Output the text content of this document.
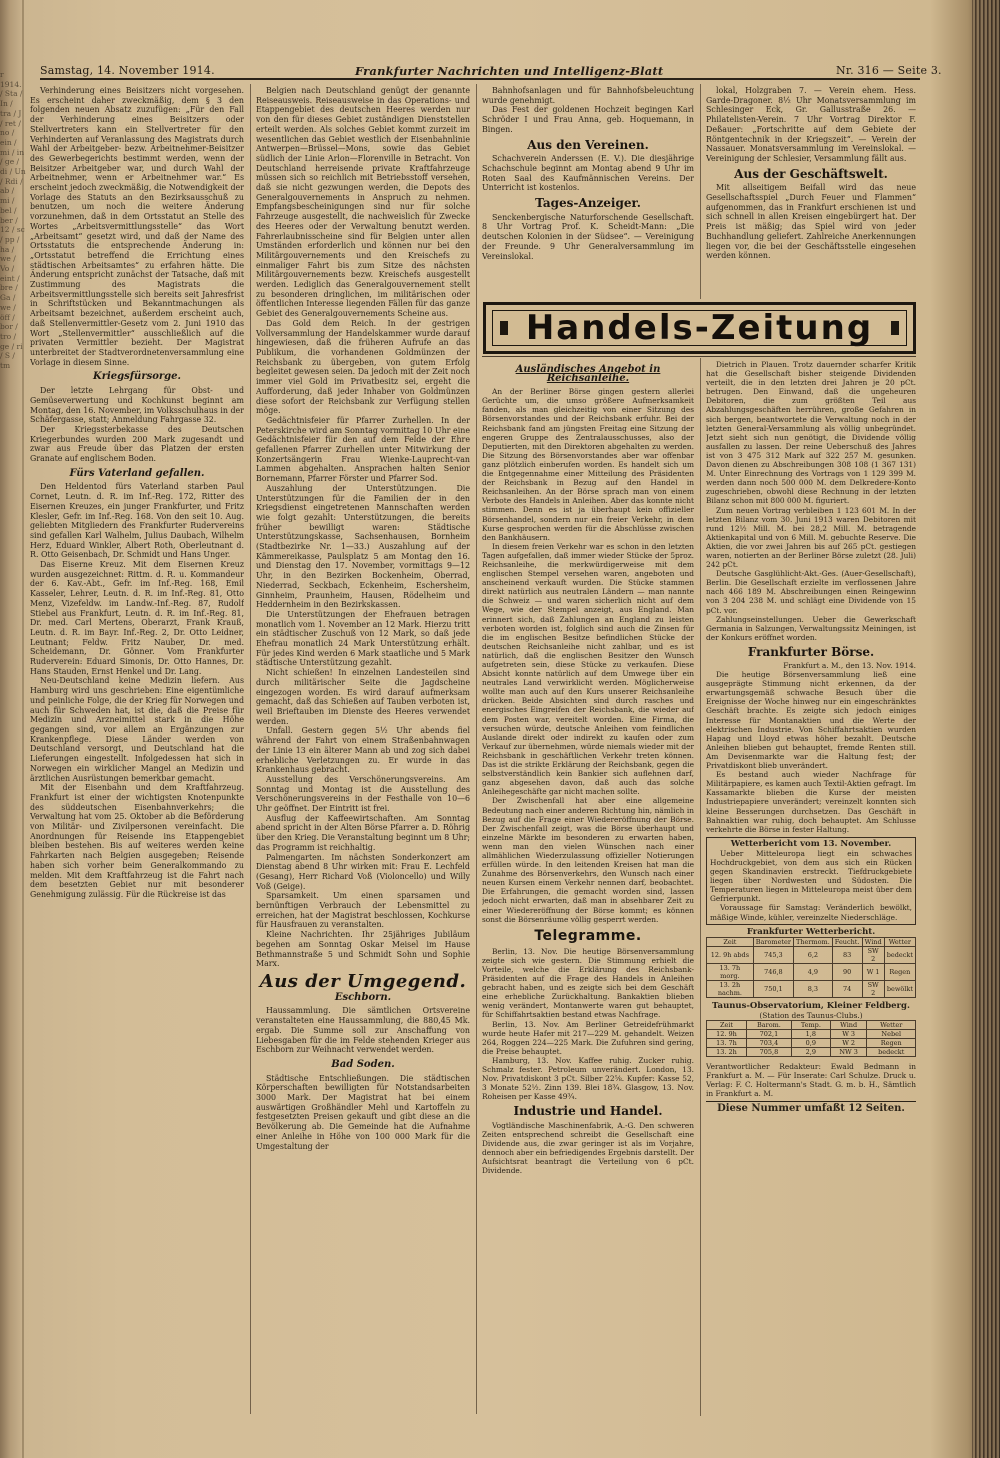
r 1914. / Sta / In / tra / J / ret / no / ein / mi / in / ge / di / Un / Rdi / ab / mi / bel / ber / 12 / sc / pp / ha / we / Vo / eint / bre / Ga / we / öff / bor / tro / ge / ri / S / tm
Samstag, 14. November 1914.	Frankfurter Nachrichten und Intelligenz-Blatt	Nr. 316 — Seite 3.

Verhinderung eines Beisitzers nicht vorgesehen. Es erscheint daher zweckmäßig, dem § 3 den folgenden neuen Absatz zuzufügen: „Für den Fall der Verhinderung eines Beisitzers oder Stellvertreters kann ein Stellvertreter für den Verhinderten auf Veranlassung des Magistrats durch Wahl der Arbeitgeber- bezw. Arbeitnehmer-Beisitzer des Gewerbegerichts bestimmt werden, wenn der Beisitzer Arbeitgeber war, und durch Wahl der Arbeitnehmer, wenn er Arbeitnehmer war.“ Es erscheint jedoch zweckmäßig, die Notwendigkeit der Vorlage des Statuts an den Bezirksausschuß zu benutzen, um noch die weitere Änderung vorzunehmen, daß in dem Ortsstatut an Stelle des Wortes „Arbeitsvermittlungsstelle“ das Wort „Arbeitsamt“ gesetzt wird, und daß der Name des Ortsstatuts die entsprechende Änderung in: „Ortsstatut betreffend die Errichtung eines städtischen Arbeitsamtes“ zu erfahren hätte. Die Änderung entspricht zunächst der Tatsache, daß mit Zustimmung des Magistrats die Arbeitsvermittlungsstelle sich bereits seit Jahresfrist in Schriftstücken und Bekanntmachungen als Arbeitsamt bezeichnet, außerdem erscheint auch, daß Stellenvermittler-Gesetz vom 2. Juni 1910 das Wort „Stellenvermittler“ ausschließlich auf die privaten Vermittler bezieht. Der Magistrat unterbreitet der Stadtverordnetenversammlung eine Vorlage in diesem Sinne.

Kriegsfürsorge.

Der letzte Lehrgang für Obst- und Gemüseverwertung und Kochkunst beginnt am Montag, den 16. November, im Volksschulhaus in der Schäfergasse, statt; Anmeldung Fahrgasse 32.

Der Kriegssterbekasse des Deutschen Kriegerbundes wurden 200 Mark zugesandt und zwar aus Freude über das Platzen der ersten Granate auf englischem Boden.

Fürs Vaterland gefallen.

Den Heldentod fürs Vaterland starben Paul Cornet, Leutn. d. R. im Inf.-Reg. 172, Ritter des Eisernen Kreuzes, ein junger Frankfurter, und Fritz Klesler, Gefr. im Inf.-Reg. 168. Von den seit 10. Aug. geliebten Mitgliedern des Frankfurter Rudervereins sind gefallen Karl Walhelm, Julius Daubach, Wilhelm Herz, Eduard Winkler, Albert Roth, Oberleutnant d. R. Otto Geisenbach, Dr. Schmidt und Hans Unger.

Das Eiserne Kreuz. Mit dem Eisernen Kreuz wurden ausgezeichnet: Rittm. d. R. u. Kommandeur der 6. Kav.-Abt., Gefr. im Inf.-Reg. 168, Emil Kasseler, Lehrer, Leutn. d. R. im Inf.-Reg. 81, Otto Menz, Vizefeldw. im Landw.-Inf.-Reg. 87, Rudolf Stiebel aus Frankfurt, Leutn. d. R. im Inf.-Reg. 81, Dr. med. Carl Mertens, Oberarzt, Frank Krauß, Leutn. d. R. im Bayr. Inf.-Reg. 2, Dr. Otto Leidner, Leutnant; Feldw. Fritz Nauber, Dr. med. Scheidemann, Dr. Gönner. Vom Frankfurter Ruderverein: Eduard Simonis, Dr. Otto Hannes, Dr. Hans Stauden, Ernst Henkel und Dr. Lang.

Neu-Deutschland keine Medizin liefern. Aus Hamburg wird uns geschrieben: Eine eigentümliche und peinliche Folge, die der Krieg für Norwegen und auch für Schweden hat, ist die, daß die Preise für Medizin und Arzneimittel stark in die Höhe gegangen sind, vor allem an Ergänzungen zur Krankenpflege. Diese Länder werden von Deutschland versorgt, und Deutschland hat die Lieferungen eingestellt. Infolgedessen hat sich in Norwegen ein wirklicher Mangel an Medizin und ärztlichen Ausrüstungen bemerkbar gemacht.

Mit der Eisenbahn und dem Kraftfahrzeug. Frankfurt ist einer der wichtigsten Knotenpunkte des süddeutschen Eisenbahnverkehrs; die Verwaltung hat vom 25. Oktober ab die Beförderung von Militär- und Zivilpersonen vereinfacht. Die Anordnungen für Reisende ins Etappengebiet bleiben bestehen. Bis auf weiteres werden keine Fahrkarten nach Belgien ausgegeben; Reisende haben sich vorher beim Generalkommando zu melden. Mit dem Kraftfahrzeug ist die Fahrt nach dem besetzten Gebiet nur mit besonderer Genehmigung zulässig. Für die Rückreise ist das

Belgien nach Deutschland genügt der genannte Reiseausweis. Reiseausweise in das Operations- und Etappengebiet des deutschen Heeres werden nur von den für dieses Gebiet zuständigen Dienststellen erteilt werden. Als solches Gebiet kommt zurzeit im wesentlichen das Gebiet westlich der Eisenbahnlinie Antwerpen—Brüssel—Mons, sowie das Gebiet südlich der Linie Arlon—Florenville in Betracht. Von Deutschland herreisende private Kraftfahrzeuge müssen sich so reichlich mit Betriebsstoff versehen, daß sie nicht gezwungen werden, die Depots des Generalgouvernements in Anspruch zu nehmen. Empfangsbescheinigungen sind nur für solche Fahrzeuge ausgestellt, die nachweislich für Zwecke des Heeres oder der Verwaltung benutzt werden. Fahrerlaubnisscheine sind für Belgien unter allen Umständen erforderlich und können nur bei den Militärgouvernements und den Kreischefs zu einmaliger Fahrt bis zum Sitze des nächsten Militärgouvernements bezw. Kreischefs ausgestellt werden. Lediglich das Generalgouvernement stellt zu besonderen dringlichen, im militärischen oder öffentlichen Interesse liegenden Fällen für das ganze Gebiet des Generalgouvernements Scheine aus.

Das Gold dem Reich. In der gestrigen Vollversammlung der Handelskammer wurde darauf hingewiesen, daß die früheren Aufrufe an das Publikum, die vorhandenen Goldmünzen der Reichsbank zu übergeben, von gutem Erfolg begleitet gewesen seien. Da jedoch mit der Zeit noch immer viel Gold im Privatbesitz sei, ergeht die Aufforderung, daß jeder Inhaber von Goldmünzen diese sofort der Reichsbank zur Verfügung stellen möge.

Gedächtnisfeier für Pfarrer Zurhellen. In der Peterskirche wird am Sonntag vormittag 10 Uhr eine Gedächtnisfeier für den auf dem Felde der Ehre gefallenen Pfarrer Zurhellen unter Mitwirkung der Konzertsängerin Frau Wienke-Lauprecht-van Lammen abgehalten. Ansprachen halten Senior Bornemann, Pfarrer Förster und Pfarrer Sod.

Auszahlung der Unterstützungen. Die Unterstützungen für die Familien der in den Kriegsdienst eingetretenen Mannschaften werden wie folgt gezahlt: Unterstützungen, die bereits früher bewilligt waren: Städtische Unterstützungskasse, Sachsenhausen, Bornheim (Stadtbezirke Nr. 1—33.) Auszahlung auf der Kämmereikasse, Paulsplatz 5 am Montag den 16. und Dienstag den 17. November, vormittags 9—12 Uhr, in den Bezirken Bockenheim, Oberrad, Niederrad, Seckbach, Eckenheim, Eschersheim, Ginnheim, Praunheim, Hausen, Rödelheim und Heddernheim in den Bezirkskassen.

Die Unterstützungen der Ehefrauen betragen monatlich vom 1. November an 12 Mark. Hierzu tritt ein städtischer Zuschuß von 12 Mark, so daß jede Ehefrau monatlich 24 Mark Unterstützung erhält. Für jedes Kind werden 6 Mark staatliche und 5 Mark städtische Unterstützung gezahlt.

Nicht schießen! In einzelnen Landesteilen sind durch militärischer Seite die Jagdscheine eingezogen worden. Es wird darauf aufmerksam gemacht, daß das Schießen auf Tauben verboten ist, weil Brieftauben im Dienste des Heeres verwendet werden.

Unfall. Gestern gegen 5½ Uhr abends fiel während der Fahrt von einem Straßenbahnwagen der Linie 13 ein älterer Mann ab und zog sich dabei erhebliche Verletzungen zu. Er wurde in das Krankenhaus gebracht.

Ausstellung des Verschönerungsvereins. Am Sonntag und Montag ist die Ausstellung des Verschönerungsvereins in der Festhalle von 10—6 Uhr geöffnet. Der Eintritt ist frei.

Ausflug der Kaffeewirtschaften. Am Sonntag abend spricht in der Alten Börse Pfarrer a. D. Röhrig über den Krieg. Die Veranstaltung beginnt um 8 Uhr; das Programm ist reichhaltig.

Palmengarten. Im nächsten Sonderkonzert am Dienstag abend 8 Uhr wirken mit: Frau E. Lechfeld (Gesang), Herr Richard Voß (Violoncello) und Willy Voß (Geige).

Sparsamkeit. Um einen sparsamen und bernünftigen Verbrauch der Lebensmittel zu erreichen, hat der Magistrat beschlossen, Kochkurse für Hausfrauen zu veranstalten.

Kleine Nachrichten. Ihr 25jähriges Jubiläum begehen am Sonntag Oskar Meisel im Hause Bethmannstraße 5 und Schmidt Sohn und Sophie Marx.

Aus der Umgegend.
Eschborn.

Haussammlung. Die sämtlichen Ortsvereine veranstalteten eine Haussammlung, die 880,45 Mk. ergab. Die Summe soll zur Anschaffung von Liebesgaben für die im Felde stehenden Krieger aus Eschborn zur Weihnacht verwendet werden.

Bad Soden.

Städtische Entschließungen. Die städtischen Körperschaften bewilligten für Notstandsarbeiten 3000 Mark. Der Magistrat hat bei einem auswärtigen Großhändler Mehl und Kartoffeln zu festgesetzten Preisen gekauft und gibt diese an die Bevölkerung ab. Die Gemeinde hat die Aufnahme einer Anleihe in Höhe von 100 000 Mark für die Umgestaltung der

Bahnhofsanlagen und für Bahnhofsbeleuchtung wurde genehmigt.

Das Fest der goldenen Hochzeit begingen Karl Schröder I und Frau Anna, geb. Hoquemann, in Bingen.

Aus den Vereinen.

Schachverein Anderssen (E. V.). Die diesjährige Schachschule beginnt am Montag abend 9 Uhr im Roten Saal des Kaufmännischen Vereins. Der Unterricht ist kostenlos.

Tages-Anzeiger.

Senckenbergische Naturforschende Gesellschaft. 8 Uhr Vortrag Prof. K. Scheidt-Mann: „Die deutschen Kolonien in der Südsee“. — Vereinigung der Freunde. 9 Uhr Generalversammlung im Vereinslokal.

lokal, Holzgraben 7. — Verein ehem. Hess. Garde-Dragoner. 8½ Uhr Monatsversammlung im Schlesinger Eck, Gr. Gallusstraße 26. — Philatelisten-Verein. 7 Uhr Vortrag Direktor F. Deßauer: „Fortschritte auf dem Gebiete der Röntgentechnik in der Kriegszeit“. — Verein der Nassauer. Monatsversammlung im Vereinslokal. — Vereinigung der Schlesier, Versammlung fällt aus.

Aus der Geschäftswelt.

Mit allseitigem Beifall wird das neue Gesellschaftsspiel „Durch Feuer und Flammen“ aufgenommen, das in Frankfurt erschienen ist und sich schnell in allen Kreisen eingebürgert hat. Der Preis ist mäßig; das Spiel wird von jeder Buchhandlung geliefert. Zahlreiche Anerkennungen liegen vor, die bei der Geschäftsstelle eingesehen werden können.

Handels-Zeitung
Ausländisches Angebot in Reichsanleihe.

An der Berliner Börse gingen gestern allerlei Gerüchte um, die umso größere Aufmerksamkeit fanden, als man gleichzeitig von einer Sitzung des Börsenvorstandes und der Reichsbank erfuhr. Bei der Reichsbank fand am jüngsten Freitag eine Sitzung der engeren Gruppe des Zentralausschusses, also der Deputierten, mit den Direktoren abgehalten zu werden. Die Sitzung des Börsenvorstandes aber war offenbar ganz plötzlich einberufen worden. Es handelt sich um die Entgegennahme einer Mitteilung des Präsidenten der Reichsbank in Bezug auf den Handel in Reichsanleihen. An der Börse sprach man von einem Verbote des Handels in Anleihen. Aber das konnte nicht stimmen. Denn es ist ja überhaupt kein offizieller Börsenhandel, sondern nur ein freier Verkehr, in dem Kurse gesprochen werden für die Abschlüsse zwischen den Bankhäusern.

In diesem freien Verkehr war es schon in den letzten Tagen aufgefallen, daß immer wieder Stücke der 5proz. Reichsanleihe, die merkwürdigerweise mit dem englischen Stempel versehen waren, angeboten und anscheinend verkauft wurden. Die Stücke stammen direkt natürlich aus neutralen Ländern — man nannte die Schweiz — und waren sicherlich nicht auf dem Wege, wie der Stempel anzeigt, aus England. Man erinnert sich, daß Zahlungen an England zu leisten verboten worden ist, folglich sind auch die Zinsen für die im englischen Besitze befindlichen Stücke der deutschen Reichsanleihe nicht zahlbar, und es ist natürlich, daß die englischen Besitzer den Wunsch aufgetreten sein, diese Stücke zu verkaufen. Diese Absicht konnte natürlich auf dem Umwege über ein neutrales Land verwirklicht werden. Möglicherweise wollte man auch auf den Kurs unserer Reichsanleihe drücken. Beide Absichten sind durch rasches und energisches Eingreifen der Reichsbank, die wieder auf dem Posten war, vereitelt worden. Eine Firma, die versuchen würde, deutsche Anleihen vom feindlichen Auslande direkt oder indirekt zu kaufen oder zum Verkauf zur übernehmen, würde niemals wieder mit der Reichsbank in geschäftlichen Verkehr treten können. Das ist die strikte Erklärung der Reichsbank, gegen die selbstverständlich kein Bankier sich auflehnen darf, ganz abgesehen davon, daß auch das solche Anleihegeschäfte gar nicht machen sollte.

Der Zwischenfall hat aber eine allgemeine Bedeutung nach einer anderen Richtung hin, nämlich in Bezug auf die Frage einer Wiedereröffnung der Börse. Der Zwischenfall zeigt, was die Börse überhaupt und einzelne Märkte im besonderen zu erwarten haben, wenn man den vielen Wünschen nach einer allmählichen Wiederzulassung offizieller Notierungen erfüllen würde. In den leitenden Kreisen hat man die Zunahme des Börsenverkehrs, den Wunsch nach einer neuen Kursen einem Verkehr nennen darf, beobachtet. Die Erfahrungen, die gemacht worden sind, lassen jedoch nicht erwarten, daß man in absehbarer Zeit zu einer Wiedereröffnung der Börse kommt; es können sonst die Börsenräume völlig gesperrt werden.

Telegramme.

Berlin, 13. Nov. Die heutige Börsenversammlung zeigte sich wie gestern. Die Stimmung erhielt die Vorteile, welche die Erklärung des Reichsbank-Präsidenten auf die Frage des Handels in Anleihen gebracht haben, und es zeigte sich bei dem Geschäft eine erhebliche Zurückhaltung. Bankaktien blieben wenig verändert, Montanwerte waren gut behauptet, für Schiffahrtsaktien bestand etwas Nachfrage.

Berlin, 13. Nov. Am Berliner Getreidefrühmarkt wurde heute Hafer mit 217—229 M. gehandelt. Weizen 264, Roggen 224—225 Mark. Die Zufuhren sind gering, die Preise behauptet.

Hamburg, 13. Nov. Kaffee ruhig. Zucker ruhig. Schmalz fester. Petroleum unverändert. London, 13. Nov. Privatdiskont 3 pCt. Silber 22⅝. Kupfer: Kasse 52, 3 Monate 52½. Zinn 139. Blei 18¾. Glasgow, 13. Nov. Roheisen per Kasse 49¾.

Industrie und Handel.

Vogtländische Maschinenfabrik, A.-G. Den schweren Zeiten entsprechend schreibt die Gesellschaft eine Dividende aus, die zwar geringer ist als im Vorjahre, dennoch aber ein befriedigendes Ergebnis darstellt. Der Aufsichtsrat beantragt die Verteilung von 6 pCt. Dividende.

Dietrich in Plauen. Trotz dauernder scharfer Kritik hat die Gesellschaft bisher steigende Dividenden verteilt, die in den letzten drei Jahren je 20 pCt. betrugen. Den Einwand, daß die ungeheuren Debitoren, die zum größten Teil aus Abzahlungsgeschäften herrühren, große Gefahren in sich bergen, beantwortete die Verwaltung noch in der letzten General-Versammlung als völlig unbegründet. Jetzt sieht sich nun genötigt, die Dividende völlig ausfallen zu lassen. Der reine Ueberschuß des Jahres ist von 3 475 312 Mark auf 322 257 M. gesunken. Davon dienen zu Abschreibungen 308 108 (1 367 131) M. Unter Einrechnung des Vortrags von 1 129 399 M. werden dann noch 500 000 M. dem Delkredere-Konto zugeschrieben, obwohl diese Rechnung in der letzten Bilanz schon mit 800 000 M. figuriert.

Zum neuen Vortrag verbleiben 1 123 601 M. In der letzten Bilanz vom 30. Juni 1913 waren Debitoren mit rund 12½ Mill. M. bei 28,2 Mill. M. betragende Aktienkapital und von 6 Mill. M. gebuchte Reserve. Die Aktien, die vor zwei Jahren bis auf 265 pCt. gestiegen waren, notierten an der Berliner Börse zuletzt (28. Juli) 242 pCt.

Deutsche Gasglühlicht-Akt.-Ges. (Auer-Gesellschaft), Berlin. Die Gesellschaft erzielte im verflossenen Jahre nach 466 189 M. Abschreibungen einen Reingewinn von 3 204 238 M. und schlägt eine Dividende von 15 pCt. vor.

Zahlungseinstellungen. Ueber die Gewerkschaft Germania in Salzungen, Verwaltungssitz Meiningen, ist der Konkurs eröffnet worden.

Frankfurter Börse.

Frankfurt a. M., den 13. Nov. 1914.

Die heutige Börsenversammlung ließ eine ausgeprägte Stimmung nicht erkennen, da der erwartungsgemäß schwache Besuch über die Ereignisse der Woche hinweg nur ein eingeschränktes Geschäft brachte. Es zeigte sich jedoch einiges Interesse für Montanaktien und die Werte der elektrischen Industrie. Von Schiffahrtsaktien wurden Hapag und Lloyd etwas höher bezahlt. Deutsche Anleihen blieben gut behauptet, fremde Renten still. Am Devisenmarkte war die Haltung fest; der Privatdiskont blieb unverändert.

Es bestand auch wieder Nachfrage für Militärpapiere, es kamen auch Textil-Aktien gefragt. Im Kassamarkte blieben die Kurse der meisten Industriepapiere unverändert; vereinzelt konnten sich kleine Besserungen durchsetzen. Das Geschäft in Bahnaktien war ruhig, doch behauptet. Am Schlusse verkehrte die Börse in fester Haltung.

Wetterbericht vom 13. November.

Ueber Mitteleuropa liegt ein schwaches Hochdruckgebiet, von dem aus sich ein Rücken gegen Skandinavien erstreckt. Tiefdruckgebiete liegen über Nordwesten und Südosten. Die Temperaturen liegen in Mitteleuropa meist über dem Gefrierpunkt.

Voraussage für Samstag: Veränderlich bewölkt, mäßige Winde, kühler, vereinzelte Niederschläge.

Frankfurter Wetterbericht.
Zeit	Barometer	Thermom.	Feucht.	Wind	Wetter
12. 9h abds	745,3	6,2	83	SW 2	bedeckt
13. 7h morg.	746,8	4,9	90	W 1	Regen
13. 2h nachm.	750,1	8,3	74	SW 2	bewölkt
Taunus-Observatorium, Kleiner Feldberg.
(Station des Taunus-Clubs.)
Zeit	Barom.	Temp.	Wind	Wetter
12. 9h	702,1	1,8	W 3	Nebel
13. 7h	703,4	0,9	W 2	Regen
13. 2h	705,8	2,9	NW 3	bedeckt

Verantwortlicher Redakteur: Ewald Bedmann in Frankfurt a. M. — Für Inserate: Carl Schulze. Druck u. Verlag: F. C. Holtermann's Stadt. G. m. b. H., Sämtlich in Frankfurt a. M.

Diese Nummer umfaßt 12 Seiten.
